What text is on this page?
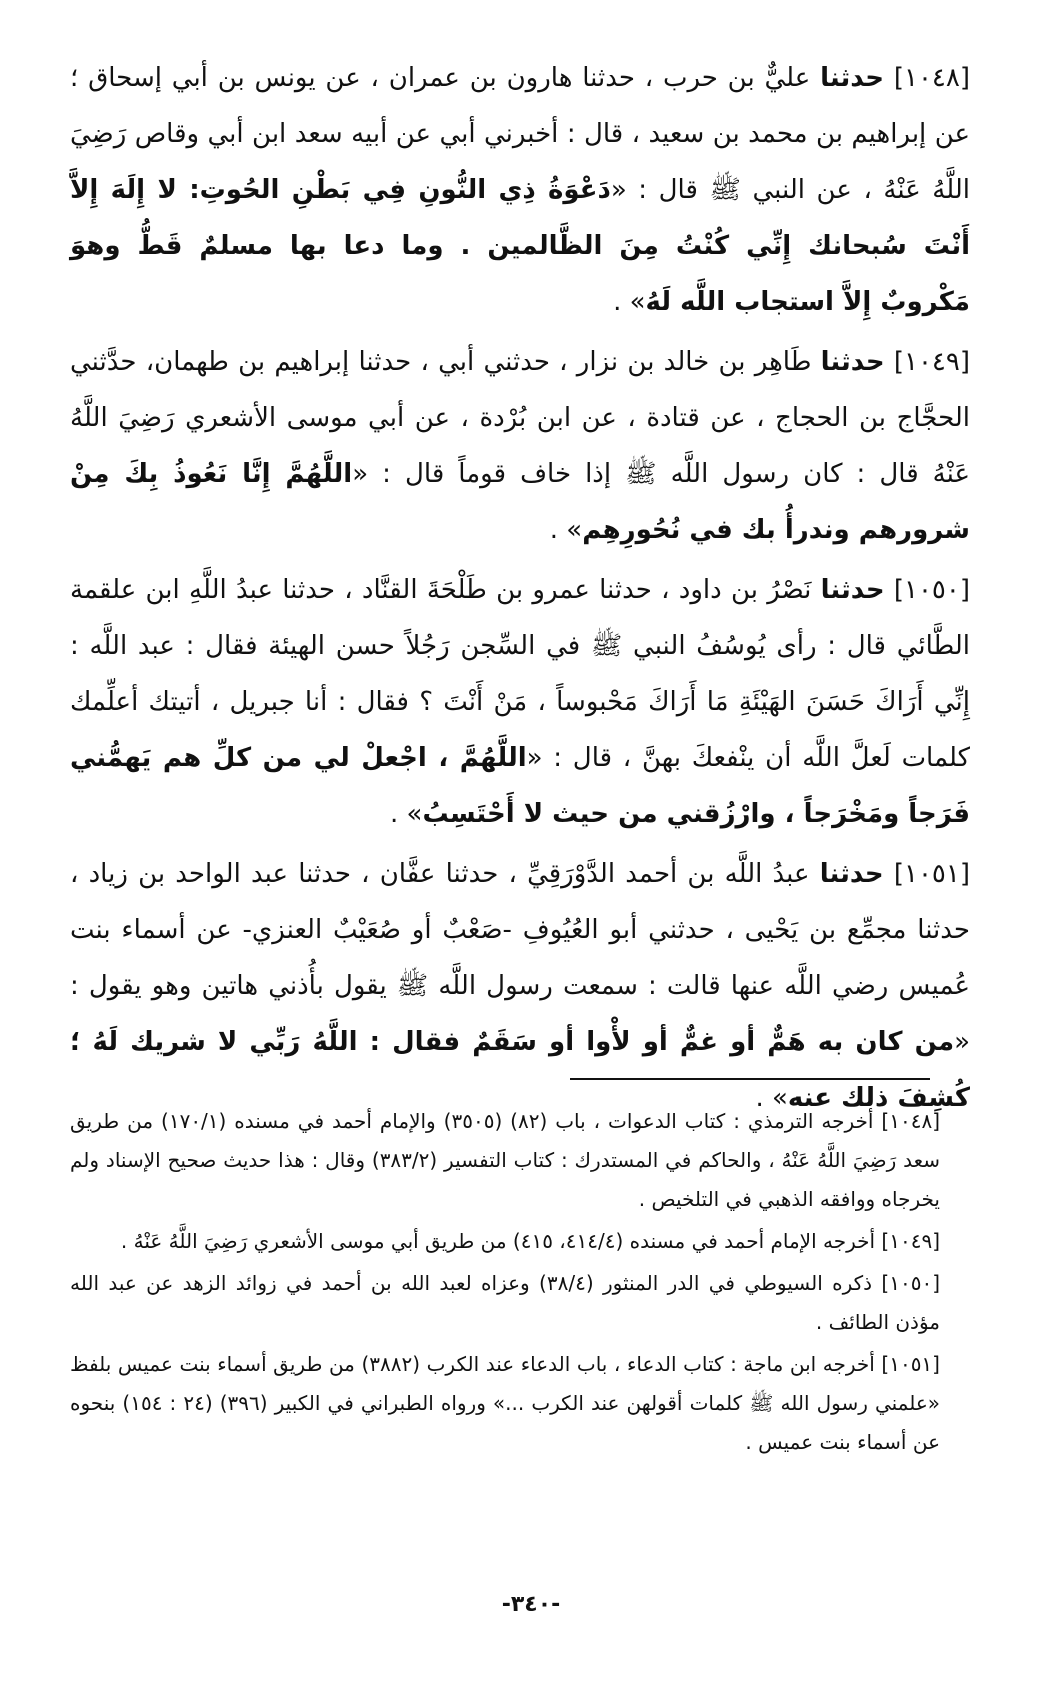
[١٠٤٨] حدثنا عليٌّ بن حرب ، حدثنا هارون بن عمران ، عن يونس بن أبي إسحاق ؛ عن إبراهيم بن محمد بن سعيد ، قال : أخبرني أبي عن أبيه سعد ابن أبي وقاص رَضِيَ اللَّهُ عَنْهُ ، عن النبي ﷺ قال : «دَعْوَةُ ذِي النُّونِ فِي بَطْنِ الحُوتِ: لا إِلَهَ إِلاَّ أَنْتَ سُبحانك إِنِّي كُنْتُ مِنَ الظَّالمين . وما دعا بها مسلمٌ قَطُّ وهوَ مَكْروبٌ إِلاَّ استجاب اللَّه لَهُ» .

[١٠٤٩] حدثنا طَاهِر بن خالد بن نزار ، حدثني أبي ، حدثنا إبراهيم بن طهمان، حدَّثني الحجَّاج بن الحجاج ، عن قتادة ، عن ابن بُرْدة ، عن أبي موسى الأشعري رَضِيَ اللَّهُ عَنْهُ قال : كان رسول اللَّه ﷺ إذا خاف قوماً قال : «اللَّهُمَّ إِنَّا نَعُوذُ بِكَ مِنْ شرورهم وندرأُ بك في نُحُورِهِم» .

[١٠٥٠] حدثنا نَصْرُ بن داود ، حدثنا عمرو بن طَلْحَةَ القنَّاد ، حدثنا عبدُ اللَّهِ ابن علقمة الطَّائي قال : رأى يُوسُفُ النبي ﷺ في السِّجن رَجُلاً حسن الهيئة فقال : عبد اللَّه : إِنِّي أَرَاكَ حَسَنَ الهَيْئَةِ مَا أَرَاكَ مَحْبوساً ، مَنْ أَنْتَ ؟ فقال : أنا جبريل ، أتيتك أعلِّمك كلمات لَعلَّ اللَّه أن ينْفعكَ بهنَّ ، قال : «اللَّهُمَّ ، اجْعلْ لي من كلِّ هم يَهمُّني فَرَجاً ومَخْرَجاً ، وارْزُقني من حيث لا أَحْتَسِبُ» .

[١٠٥١] حدثنا عبدُ اللَّه بن أحمد الدَّوْرَقِيِّ ، حدثنا عفَّان ، حدثنا عبد الواحد بن زياد ، حدثنا مجمِّع بن يَحْيى ، حدثني أبو العُيُوفِ -صَعْبٌ أو صُعَيْبٌ العنزي- عن أسماء بنت عُميس رضي اللَّه عنها قالت : سمعت رسول اللَّه ﷺ يقول بأُذني هاتين وهو يقول : «من كان به هَمٌّ أو غمٌّ أو لأْوا أو سَقَمٌ فقال : اللَّهُ رَبِّي لا شريك لَهُ ؛ كُشِفَ ذلك عنه» .

[١٠٤٨] أخرجه الترمذي : كتاب الدعوات ، باب (٨٢) (٣٥٠٥) والإمام أحمد في مسنده (١٧٠/١) من طريق سعد رَضِيَ اللَّهُ عَنْهُ ، والحاكم في المستدرك : كتاب التفسير (٣٨٣/٢) وقال : هذا حديث صحيح الإسناد ولم يخرجاه ووافقه الذهبي في التلخيص .

[١٠٤٩] أخرجه الإمام أحمد في مسنده (٤١٤/٤، ٤١٥) من طريق أبي موسى الأشعري رَضِيَ اللَّهُ عَنْهُ .

[١٠٥٠] ذكره السيوطي في الدر المنثور (٣٨/٤) وعزاه لعبد الله بن أحمد في زوائد الزهد عن عبد الله مؤذن الطائف .

[١٠٥١] أخرجه ابن ماجة : كتاب الدعاء ، باب الدعاء عند الكرب (٣٨٨٢) من طريق أسماء بنت عميس بلفظ «علمني رسول الله ﷺ كلمات أقولهن عند الكرب ...» ورواه الطبراني في الكبير (٣٩٦) (٢٤ : ١٥٤) بنحوه عن أسماء بنت عميس .

-٣٤٠-
